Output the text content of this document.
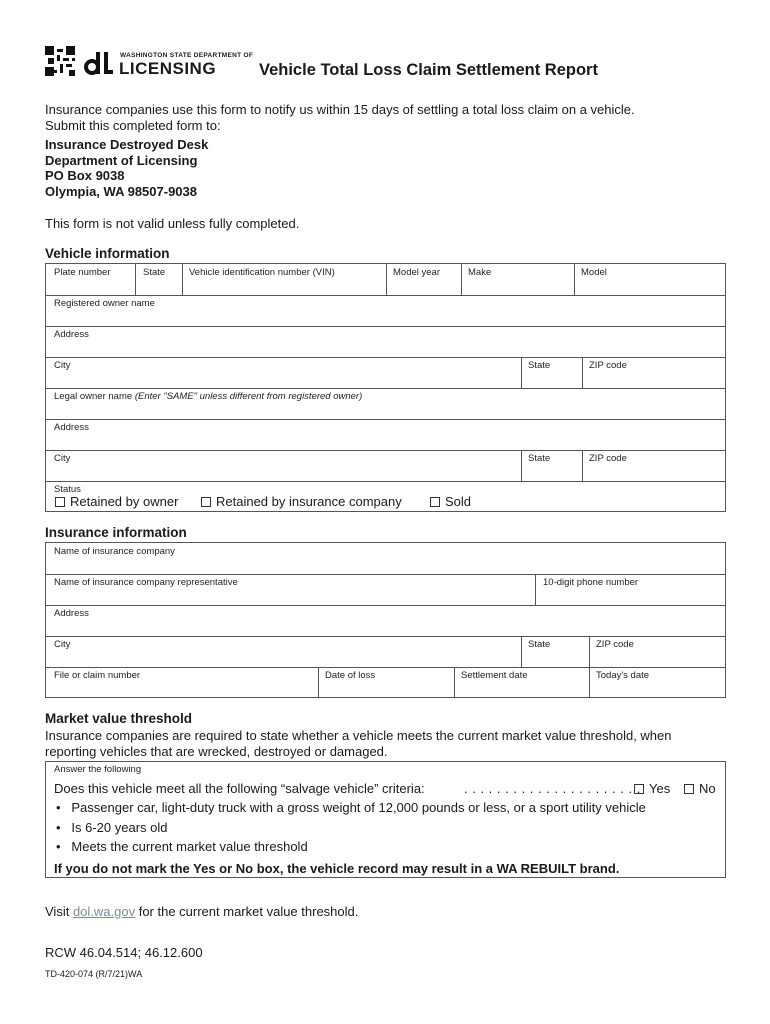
WASHINGTON STATE DEPARTMENT OF
LICENSING	Vehicle Total Loss Claim Settlement Report
Insurance companies use this form to notify us within 15 days of settling a total loss claim on a vehicle.
Submit this completed form to:
Insurance Destroyed Desk
Department of Licensing
PO Box 9038
Olympia, WA 98507-9038
This form is not valid unless fully completed.
Vehicle information
Plate number	State	Vehicle identification number (VIN)	Model year	Make	Model
Registered owner name
Address
City	State	ZIP code
Legal owner name (Enter "SAME" unless different from registered owner)
Address
City	State	ZIP code
Status
Retained by owner	Retained by insurance company	Sold
Insurance information
Name of insurance company
Name of insurance company representative	10-digit phone number
Address
City	State	ZIP code
File or claim number	Date of loss	Settlement date	Today's date
Market value threshold
Insurance companies are required to state whether a vehicle meets the current market value threshold, when
reporting vehicles that are wrecked, destroyed or damaged.
Answer the following
Does this vehicle meet all the following “salvage vehicle” criteria:	. . . . . . . . . . . . . . . . . . . . . . Yes	No
•   Passenger car, light-duty truck with a gross weight of 12,000 pounds or less, or a sport utility vehicle
•   Is 6-20 years old
•   Meets the current market value threshold
If you do not mark the Yes or No box, the vehicle record may result in a WA REBUILT brand.
Visit dol.wa.gov for the current market value threshold.
RCW 46.04.514; 46.12.600
TD-420-074 (R/7/21)WA
